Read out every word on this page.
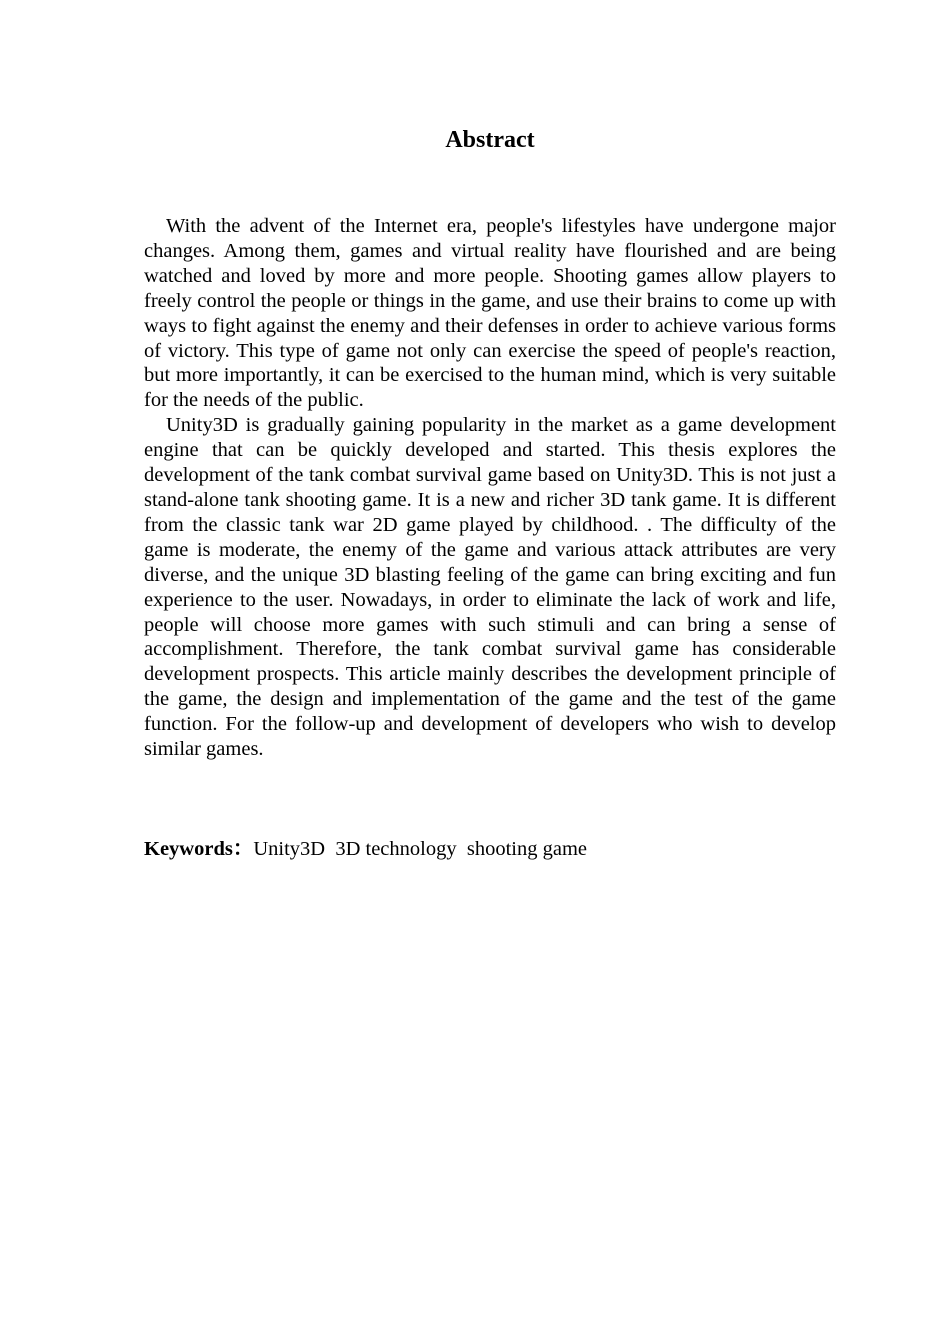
Abstract

With the advent of the Internet era, people's lifestyles have undergone major changes. Among them, games and virtual reality have flourished and are being watched and loved by more and more people. Shooting games allow players to freely control the people or things in the game, and use their brains to come up with ways to fight against the enemy and their defenses in order to achieve various forms of victory. This type of game not only can exercise the speed of people's reaction, but more importantly, it can be exercised to the human mind, which is very suitable for the needs of the public.

Unity3D is gradually gaining popularity in the market as a game development engine that can be quickly developed and started. This thesis explores the development of the tank combat survival game based on Unity3D. This is not just a stand-alone tank shooting game. It is a new and richer 3D tank game. It is different from the classic tank war 2D game played by childhood. . The difficulty of the game is moderate, the enemy of the game and various attack attributes are very diverse, and the unique 3D blasting feeling of the game can bring exciting and fun experience to the user. Nowadays, in order to eliminate the lack of work and life, people will choose more games with such stimuli and can bring a sense of accomplishment. Therefore, the tank combat survival game has considerable development prospects. This article mainly describes the development principle of the game, the design and implementation of the game and the test of the game function. For the follow-up and development of developers who wish to develop similar games.

Keywords：Unity3D  3D technology  shooting game
